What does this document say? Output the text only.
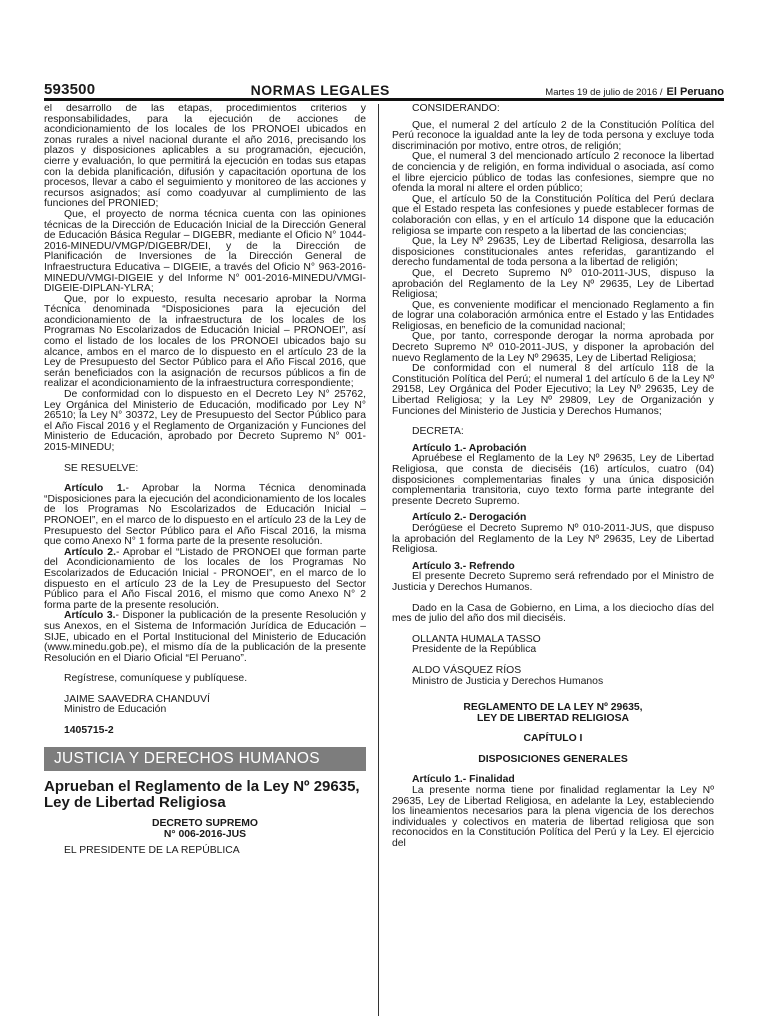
593500	NORMAS LEGALES	Martes 19 de julio de 2016 / El Peruano

el desarrollo de las etapas, procedimientos criterios y responsabilidades, para la ejecución de acciones de acondicionamiento de los locales de los PRONOEI ubicados en zonas rurales a nivel nacional durante el año 2016, precisando los plazos y disposiciones aplicables a su programación, ejecución, cierre y evaluación, lo que permitirá la ejecución en todas sus etapas con la debida planificación, difusión y capacitación oportuna de los procesos, llevar a cabo el seguimiento y monitoreo de las acciones y recursos asignados; así como coadyuvar al cumplimiento de las funciones del PRONIED;

Que, el proyecto de norma técnica cuenta con las opiniones técnicas de la Dirección de Educación Inicial de la Dirección General de Educación Básica Regular – DIGEBR, mediante el Oficio N° 1044-2016-MINEDU/VMGP/DIGEBR/DEI, y de la Dirección de Planificación de Inversiones de la Dirección General de Infraestructura Educativa – DIGEIE, a través del Oficio N° 963-2016-MINEDU/VMGI-DIGEIE y del Informe N° 001-2016-MINEDU/VMGI-DIGEIE-DIPLAN-YLRA;

Que, por lo expuesto, resulta necesario aprobar la Norma Técnica denominada “Disposiciones para la ejecución del acondicionamiento de la infraestructura de los locales de los Programas No Escolarizados de Educación Inicial – PRONOEI”, así como el listado de los locales de los PRONOEI ubicados bajo su alcance, ambos en el marco de lo dispuesto en el artículo 23 de la Ley de Presupuesto del Sector Público para el Año Fiscal 2016, que serán beneficiados con la asignación de recursos públicos a fin de realizar el acondicionamiento de la infraestructura correspondiente;

De conformidad con lo dispuesto en el Decreto Ley N° 25762, Ley Orgánica del Ministerio de Educación, modificado por Ley N° 26510; la Ley N° 30372, Ley de Presupuesto del Sector Público para el Año Fiscal 2016 y el Reglamento de Organización y Funciones del Ministerio de Educación, aprobado por Decreto Supremo N° 001-2015-MINEDU;

SE RESUELVE:

Artículo 1.- Aprobar la Norma Técnica denominada “Disposiciones para la ejecución del acondicionamiento de los locales de los Programas No Escolarizados de Educación Inicial – PRONOEI”, en el marco de lo dispuesto en el artículo 23 de la Ley de Presupuesto del Sector Público para el Año Fiscal 2016, la misma que como Anexo N° 1 forma parte de la presente resolución.

Artículo 2.- Aprobar el “Listado de PRONOEI que forman parte del Acondicionamiento de los locales de los Programas No Escolarizados de Educación Inicial - PRONOEI”, en el marco de lo dispuesto en el artículo 23 de la Ley de Presupuesto del Sector Público para el Año Fiscal 2016, el mismo que como Anexo N° 2 forma parte de la presente resolución.

Artículo 3.- Disponer la publicación de la presente Resolución y sus Anexos, en el Sistema de Información Jurídica de Educación – SIJE, ubicado en el Portal Institucional del Ministerio de Educación (www.minedu.gob.pe), el mismo día de la publicación de la presente Resolución en el Diario Oficial “El Peruano”.

Regístrese, comuníquese y publíquese.

JAIME SAAVEDRA CHANDUVÍ

Ministro de Educación

1405715-2

JUSTICIA Y DERECHOS HUMANOS
Aprueban el Reglamento de la Ley Nº 29635, Ley de Libertad Religiosa
DECRETO SUPREMO
N° 006-2016-JUS

EL PRESIDENTE DE LA REPÚBLICA

CONSIDERANDO:

Que, el numeral 2 del artículo 2 de la Constitución Política del Perú reconoce la igualdad ante la ley de toda persona y excluye toda discriminación por motivo, entre otros, de religión;

Que, el numeral 3 del mencionado artículo 2 reconoce la libertad de conciencia y de religión, en forma individual o asociada, así como el libre ejercicio público de todas las confesiones, siempre que no ofenda la moral ni altere el orden público;

Que, el artículo 50 de la Constitución Política del Perú declara que el Estado respeta las confesiones y puede establecer formas de colaboración con ellas, y en el artículo 14 dispone que la educación religiosa se imparte con respeto a la libertad de las conciencias;

Que, la Ley Nº 29635, Ley de Libertad Religiosa, desarrolla las disposiciones constitucionales antes referidas, garantizando el derecho fundamental de toda persona a la libertad de religión;

Que, el Decreto Supremo Nº 010-2011-JUS, dispuso la aprobación del Reglamento de la Ley Nº 29635, Ley de Libertad Religiosa;

Que, es conveniente modificar el mencionado Reglamento a fin de lograr una colaboración armónica entre el Estado y las Entidades Religiosas, en beneficio de la comunidad nacional;

Que, por tanto, corresponde derogar la norma aprobada por Decreto Supremo Nº 010-2011-JUS, y disponer la aprobación del nuevo Reglamento de la Ley Nº 29635, Ley de Libertad Religiosa;

De conformidad con el numeral 8 del artículo 118 de la Constitución Política del Perú; el numeral 1 del artículo 6 de la Ley Nº 29158, Ley Orgánica del Poder Ejecutivo; la Ley Nº 29635, Ley de Libertad Religiosa; y la Ley Nº 29809, Ley de Organización y Funciones del Ministerio de Justicia y Derechos Humanos;

DECRETA:

Artículo 1.- Aprobación

Apruébese el Reglamento de la Ley Nº 29635, Ley de Libertad Religiosa, que consta de dieciséis (16) artículos, cuatro (04) disposiciones complementarias finales y una única disposición complementaria transitoria, cuyo texto forma parte integrante del presente Decreto Supremo.

Artículo 2.- Derogación

Derógüese el Decreto Supremo Nº 010-2011-JUS, que dispuso la aprobación del Reglamento de la Ley Nº 29635, Ley de Libertad Religiosa.

Artículo 3.- Refrendo

El presente Decreto Supremo será refrendado por el Ministro de Justicia y Derechos Humanos.

Dado en la Casa de Gobierno, en Lima, a los dieciocho días del mes de julio del año dos mil dieciséis.

OLLANTA HUMALA TASSO
Presidente de la República
ALDO VÁSQUEZ RÍOS
Ministro de Justicia y Derechos Humanos
REGLAMENTO DE LA LEY Nº 29635,
LEY DE LIBERTAD RELIGIOSA
CAPÍTULO I
DISPOSICIONES GENERALES
Artículo 1.- Finalidad

La presente norma tiene por finalidad reglamentar la Ley Nº 29635, Ley de Libertad Religiosa, en adelante la Ley, estableciendo los lineamientos necesarios para la plena vigencia de los derechos individuales y colectivos en materia de libertad religiosa que son reconocidos en la Constitución Política del Perú y la Ley. El ejercicio del
